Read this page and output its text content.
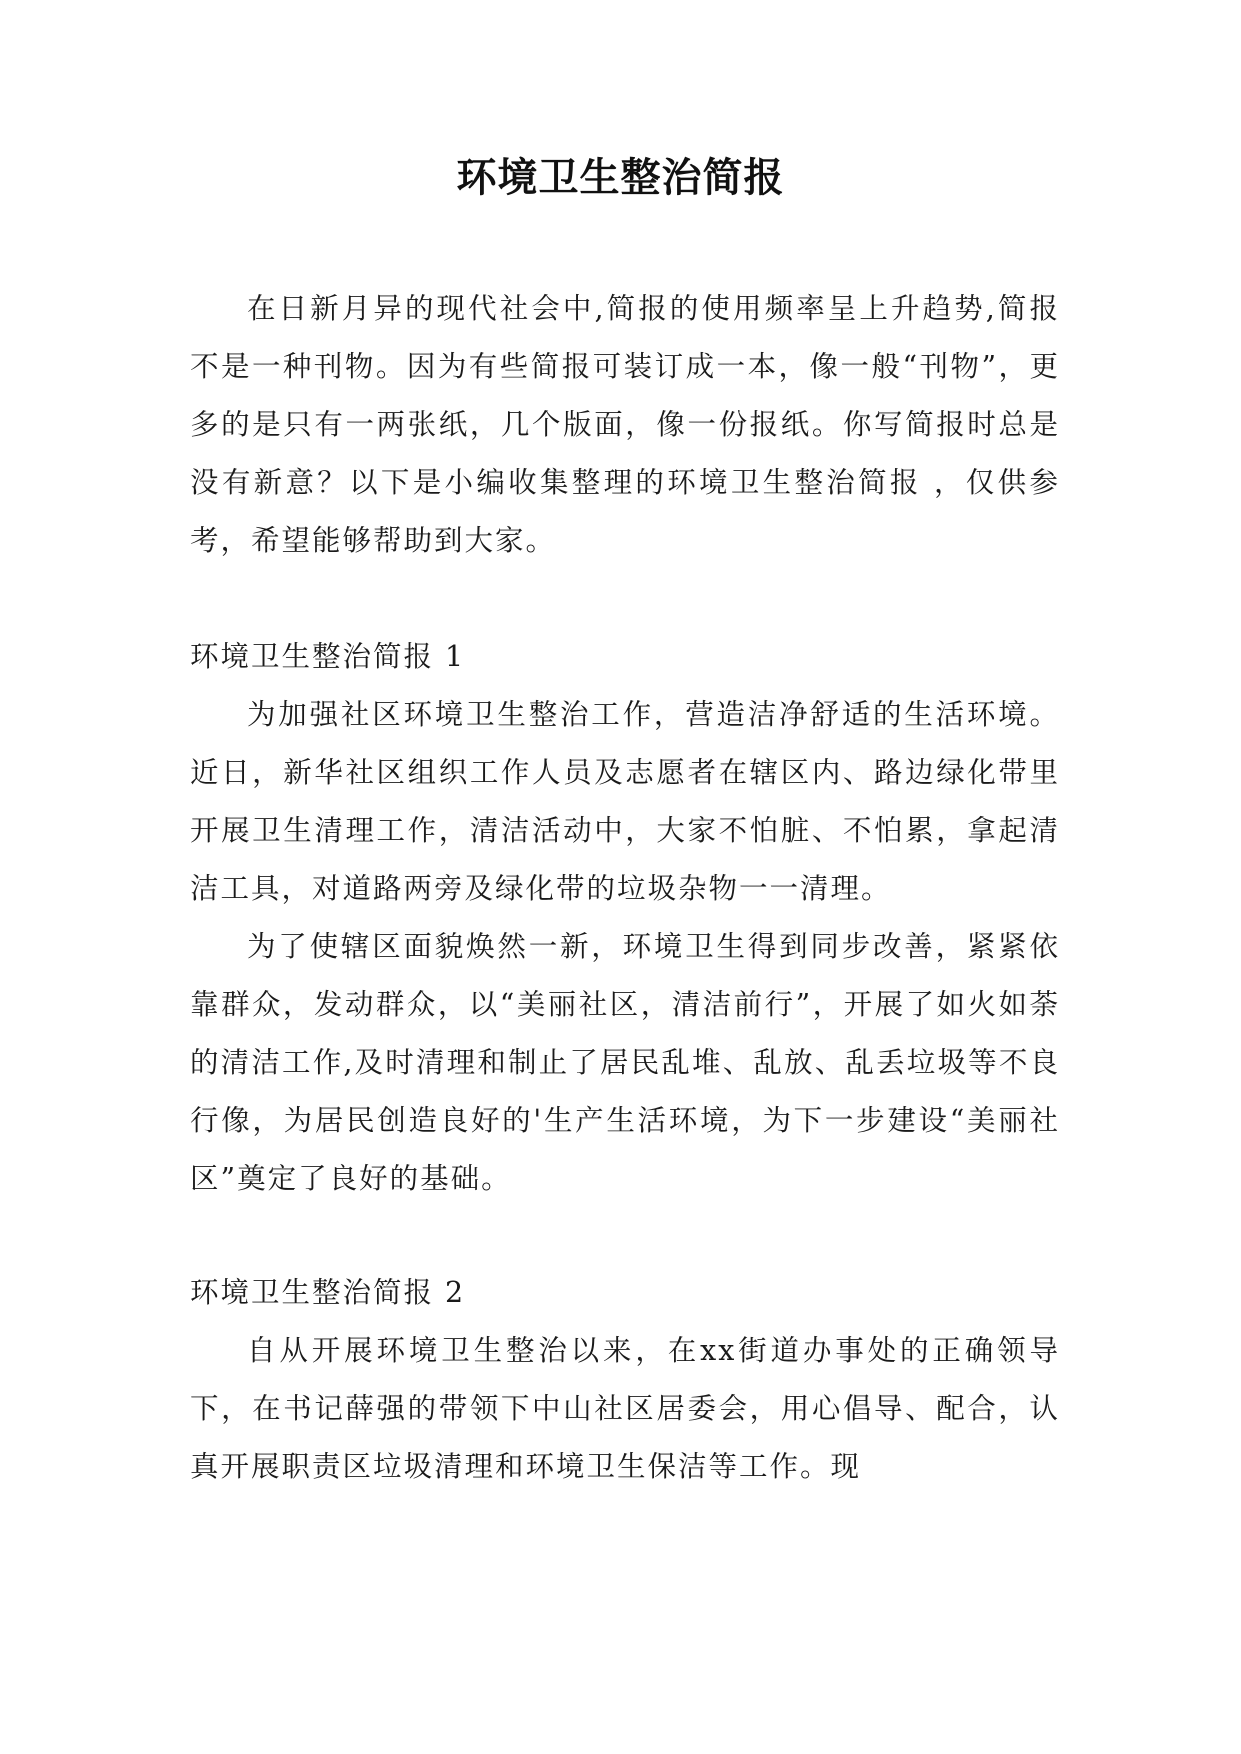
环境卫生整治简报

在日新月异的现代社会中,简报的使用频率呈上升趋势,简报不是一种刊物。因为有些简报可装订成一本，像一般“刊物”，更多的是只有一两张纸，几个版面，像一份报纸。你写简报时总是没有新意？以下是小编收集整理的环境卫生整治简报 ，仅供参考，希望能够帮助到大家。

环境卫生整治简报 1

为加强社区环境卫生整治工作，营造洁净舒适的生活环境。近日，新华社区组织工作人员及志愿者在辖区内、路边绿化带里开展卫生清理工作，清洁活动中，大家不怕脏、不怕累，拿起清洁工具，对道路两旁及绿化带的垃圾杂物一一清理。

为了使辖区面貌焕然一新，环境卫生得到同步改善，紧紧依靠群众，发动群众，以“美丽社区，清洁前行”，开展了如火如荼的清洁工作,及时清理和制止了居民乱堆、乱放、乱丢垃圾等不良行像，为居民创造良好的'生产生活环境，为下一步建设“美丽社区”奠定了良好的基础。

环境卫生整治简报 2

自从开展环境卫生整治以来，在xx街道办事处的正确领导下，在书记薛强的带领下中山社区居委会，用心倡导、配合，认真开展职责区垃圾清理和环境卫生保洁等工作。现
